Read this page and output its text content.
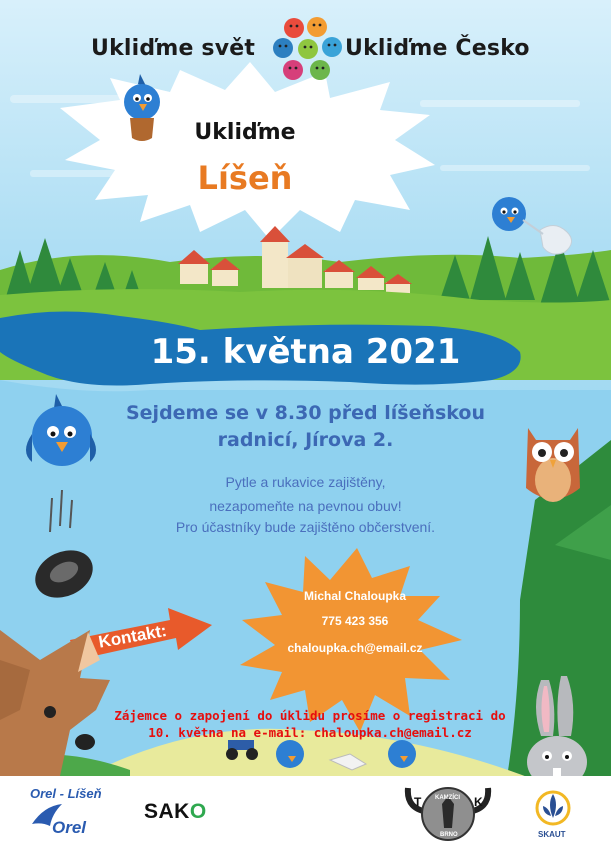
Ukliďme svět	Ukliďme Česko
Ukliďme
Líšeň
15. května 2021
Sejdeme se v 8.30 před líšeňskou
radnicí, Jírova 2.
Pytle a rukavice zajištěny,
nezapomeňte na pevnou obuv!
Pro účastníky bude zajištěno občerstvení.
Kontakt:
Michal Chaloupka
775 423 356
chaloupka.ch@email.cz
Zájemce o zapojení do úklidu prosíme o registraci do
10. května na e-mail: chaloupka.ch@email.cz
Orel - Líšeň
Orel
SAKO	T	K
KAMZÍCI
BRNO	SKAUT
